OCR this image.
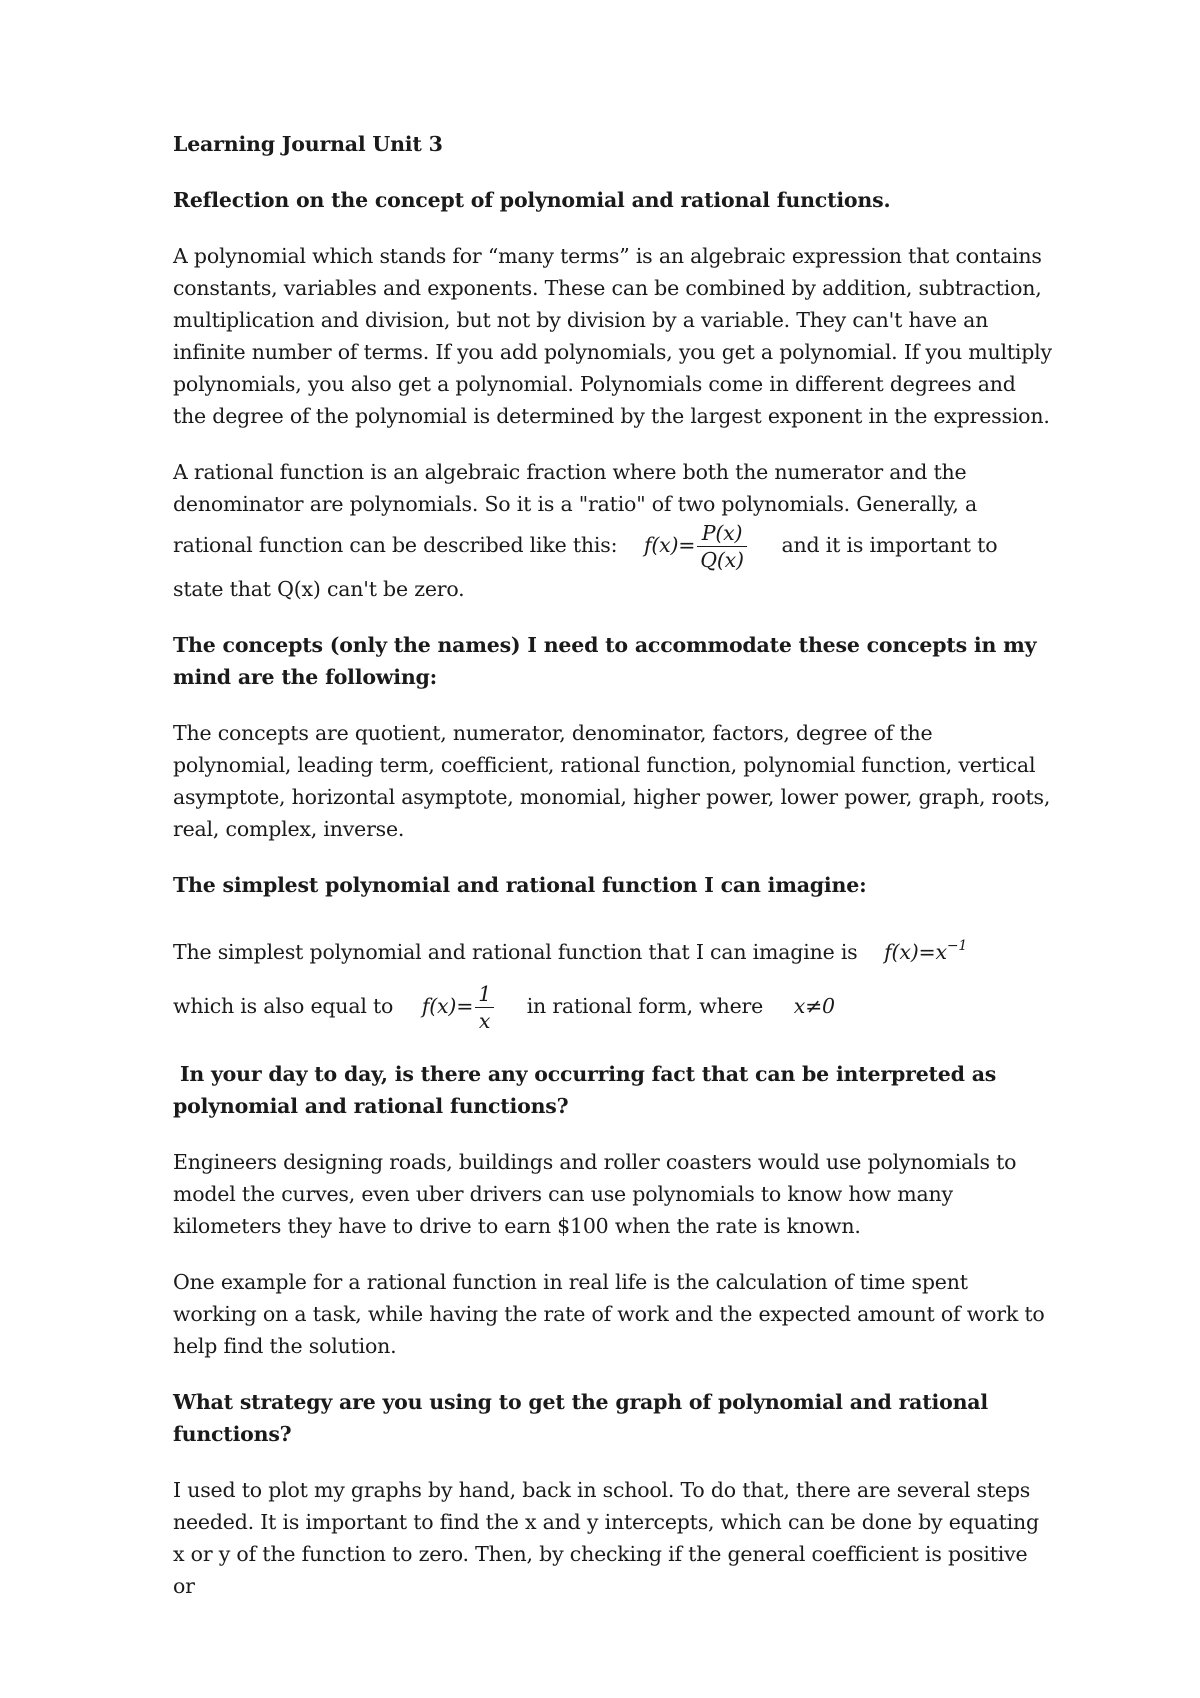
Learning Journal Unit 3

Reflection on the concept of polynomial and rational functions.

A polynomial which stands for “many terms” is an algebraic expression that contains constants, variables and exponents. These can be combined by addition, subtraction, multiplication and division, but not by division by a variable. They can't have an infinite number of terms. If you add polynomials, you get a polynomial. If you multiply polynomials, you also get a polynomial. Polynomials come in different degrees and the degree of the polynomial is determined by the largest exponent in the expression.

A rational function is an algebraic fraction where both the numerator and the denominator are polynomials. So it is a "ratio" of two polynomials. Generally, a rational function can be described like this: $f(x)= \frac{P(x)}{Q(x)}$ and it is important to state that Q(x) can't be zero.

The concepts (only the names) I need to accommodate these concepts in my mind are the following:

The concepts are quotient, numerator, denominator, factors, degree of the polynomial, leading term, coefficient, rational function, polynomial function, vertical asymptote, horizontal asymptote, monomial, higher power, lower power, graph, roots, real, complex, inverse.

The simplest polynomial and rational function I can imagine:

The simplest polynomial and rational function that I can imagine is $f(x)=x^{-1}$  which is also equal to $f(x)= \frac{1}{x}$ in rational form, where x≠0

In your day to day, is there any occurring fact that can be interpreted as polynomial and rational functions?

Engineers designing roads, buildings and roller coasters would use polynomials to model the curves, even uber drivers can use polynomials to know how many kilometers they have to drive to earn $100 when the rate is known.

One example for a rational function in real life is the calculation of time spent working on a task, while having the rate of work and the expected amount of work to help find the solution.

What strategy are you using to get the graph of polynomial and rational functions?

I used to plot my graphs by hand, back in school. To do that, there are several steps needed. It is important to find the x and y intercepts, which can be done by equating x or y of the function to zero. Then, by checking if the general coefficient is positive or
